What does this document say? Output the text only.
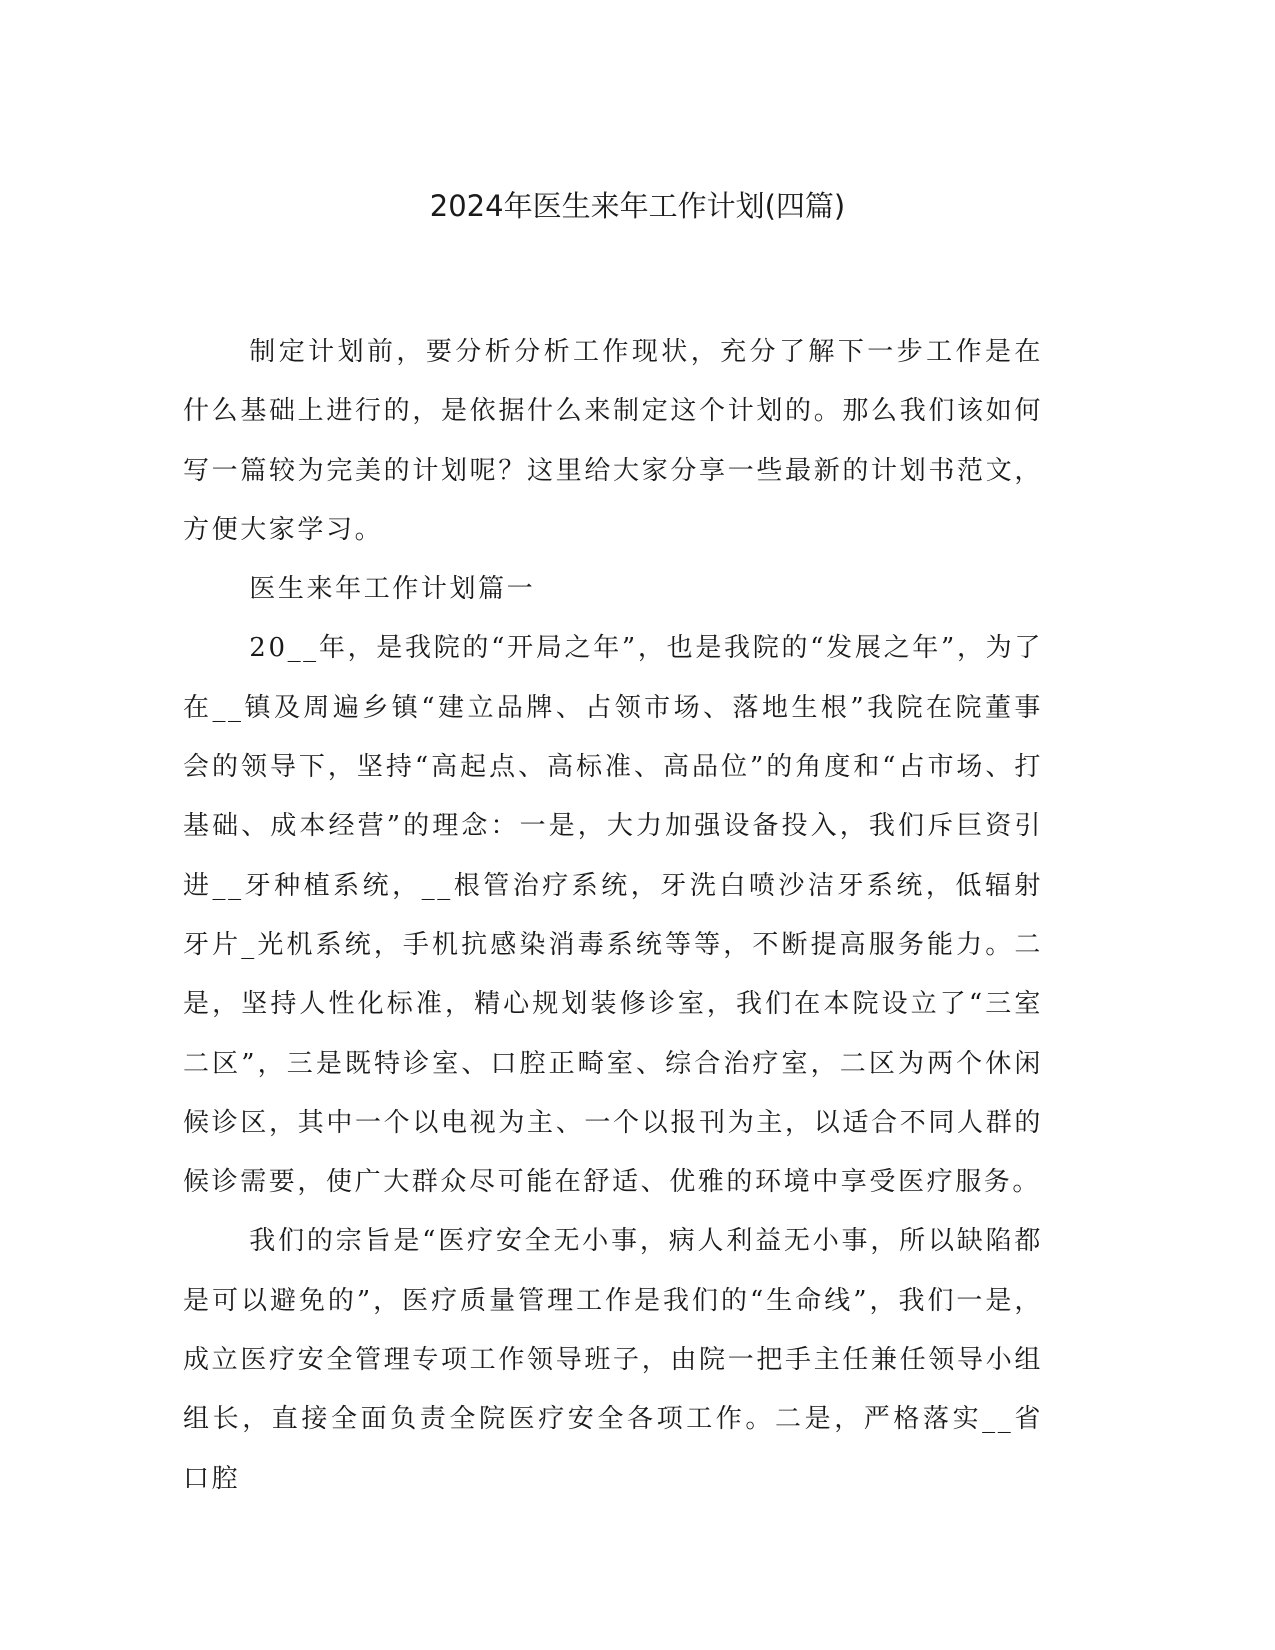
2024年医生来年工作计划(四篇)

制定计划前，要分析分析工作现状，充分了解下一步工作是在什么基础上进行的，是依据什么来制定这个计划的。那么我们该如何写一篇较为完美的计划呢？这里给大家分享一些最新的计划书范文，方便大家学习。

医生来年工作计划篇一

20__年，是我院的“开局之年”，也是我院的“发展之年”，为了在__镇及周遍乡镇“建立品牌、占领市场、落地生根”我院在院董事会的领导下，坚持“高起点、高标准、高品位”的角度和“占市场、打基础、成本经营”的理念：一是，大力加强设备投入，我们斥巨资引进__牙种植系统，__根管治疗系统，牙洗白喷沙洁牙系统，低辐射牙片_光机系统，手机抗感染消毒系统等等，不断提高服务能力。二是，坚持人性化标准，精心规划装修诊室，我们在本院设立了“三室二区”，三是既特诊室、口腔正畸室、综合治疗室，二区为两个休闲候诊区，其中一个以电视为主、一个以报刊为主，以适合不同人群的候诊需要，使广大群众尽可能在舒适、优雅的环境中享受医疗服务。

我们的宗旨是“医疗安全无小事，病人利益无小事，所以缺陷都是可以避免的”，医疗质量管理工作是我们的“生命线”，我们一是，成立医疗安全管理专项工作领导班子，由院一把手主任兼任领导小组组长，直接全面负责全院医疗安全各项工作。二是，严格落实__省口腔
